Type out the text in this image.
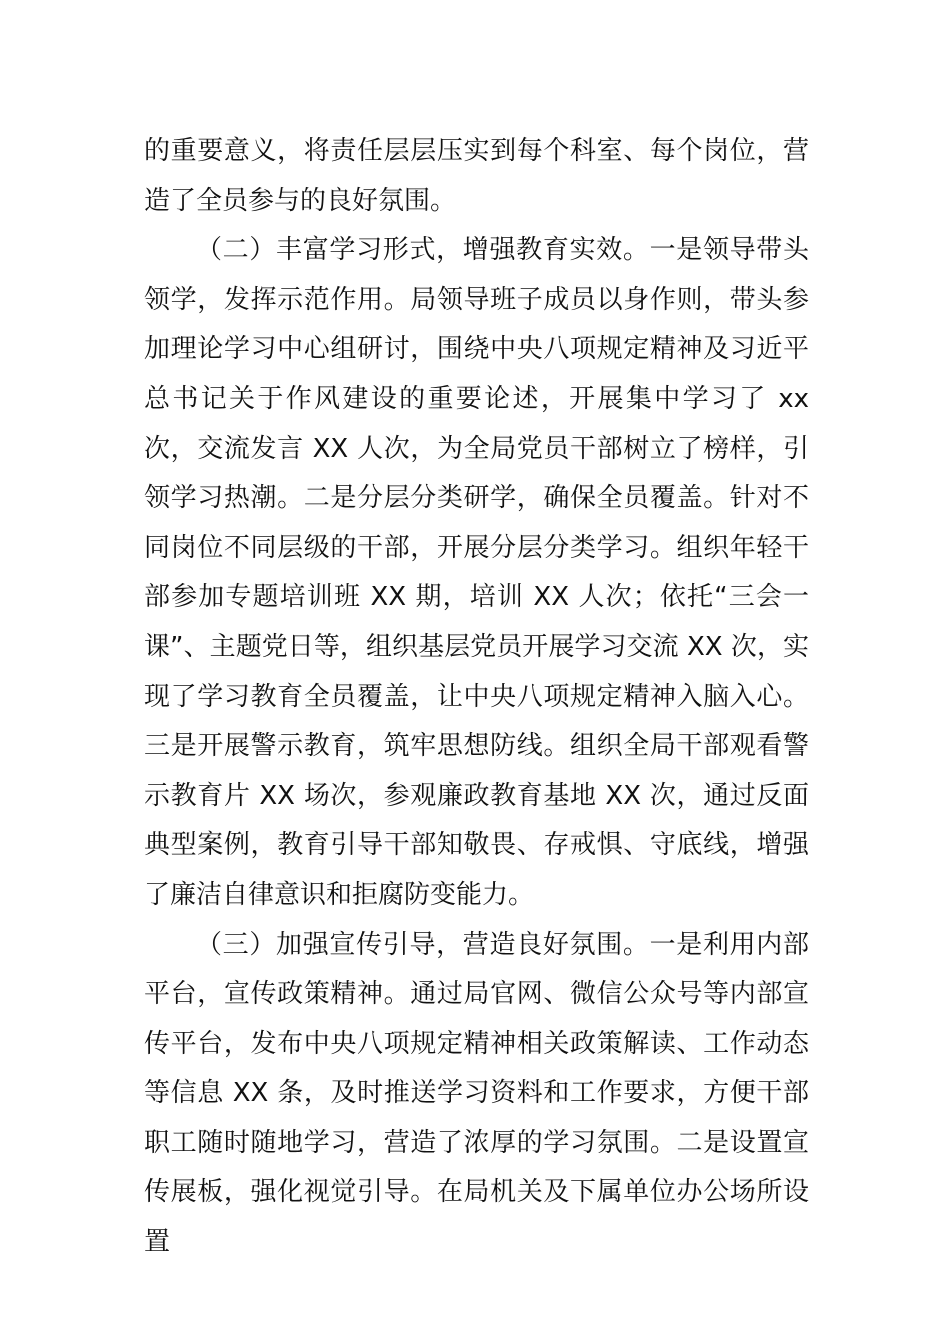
的重要意义，将责任层层压实到每个科室、每个岗位，营造了全员参与的良好氛围。

（二）丰富学习形式，增强教育实效。一是领导带头领学，发挥示范作用。局领导班子成员以身作则，带头参加理论学习中心组研讨，围绕中央八项规定精神及习近平总书记关于作风建设的重要论述，开展集中学习了 xx 次，交流发言 XX 人次，为全局党员干部树立了榜样，引领学习热潮。二是分层分类研学，确保全员覆盖。针对不同岗位不同层级的干部，开展分层分类学习。组织年轻干部参加专题培训班 XX 期，培训 XX 人次；依托“三会一课”、主题党日等，组织基层党员开展学习交流 XX 次，实现了学习教育全员覆盖，让中央八项规定精神入脑入心。三是开展警示教育，筑牢思想防线。组织全局干部观看警示教育片 XX 场次，参观廉政教育基地 XX 次，通过反面典型案例，教育引导干部知敬畏、存戒惧、守底线，增强了廉洁自律意识和拒腐防变能力。

（三）加强宣传引导，营造良好氛围。一是利用内部平台，宣传政策精神。通过局官网、微信公众号等内部宣传平台，发布中央八项规定精神相关政策解读、工作动态等信息 XX 条，及时推送学习资料和工作要求，方便干部职工随时随地学习，营造了浓厚的学习氛围。二是设置宣传展板，强化视觉引导。在局机关及下属单位办公场所设置
